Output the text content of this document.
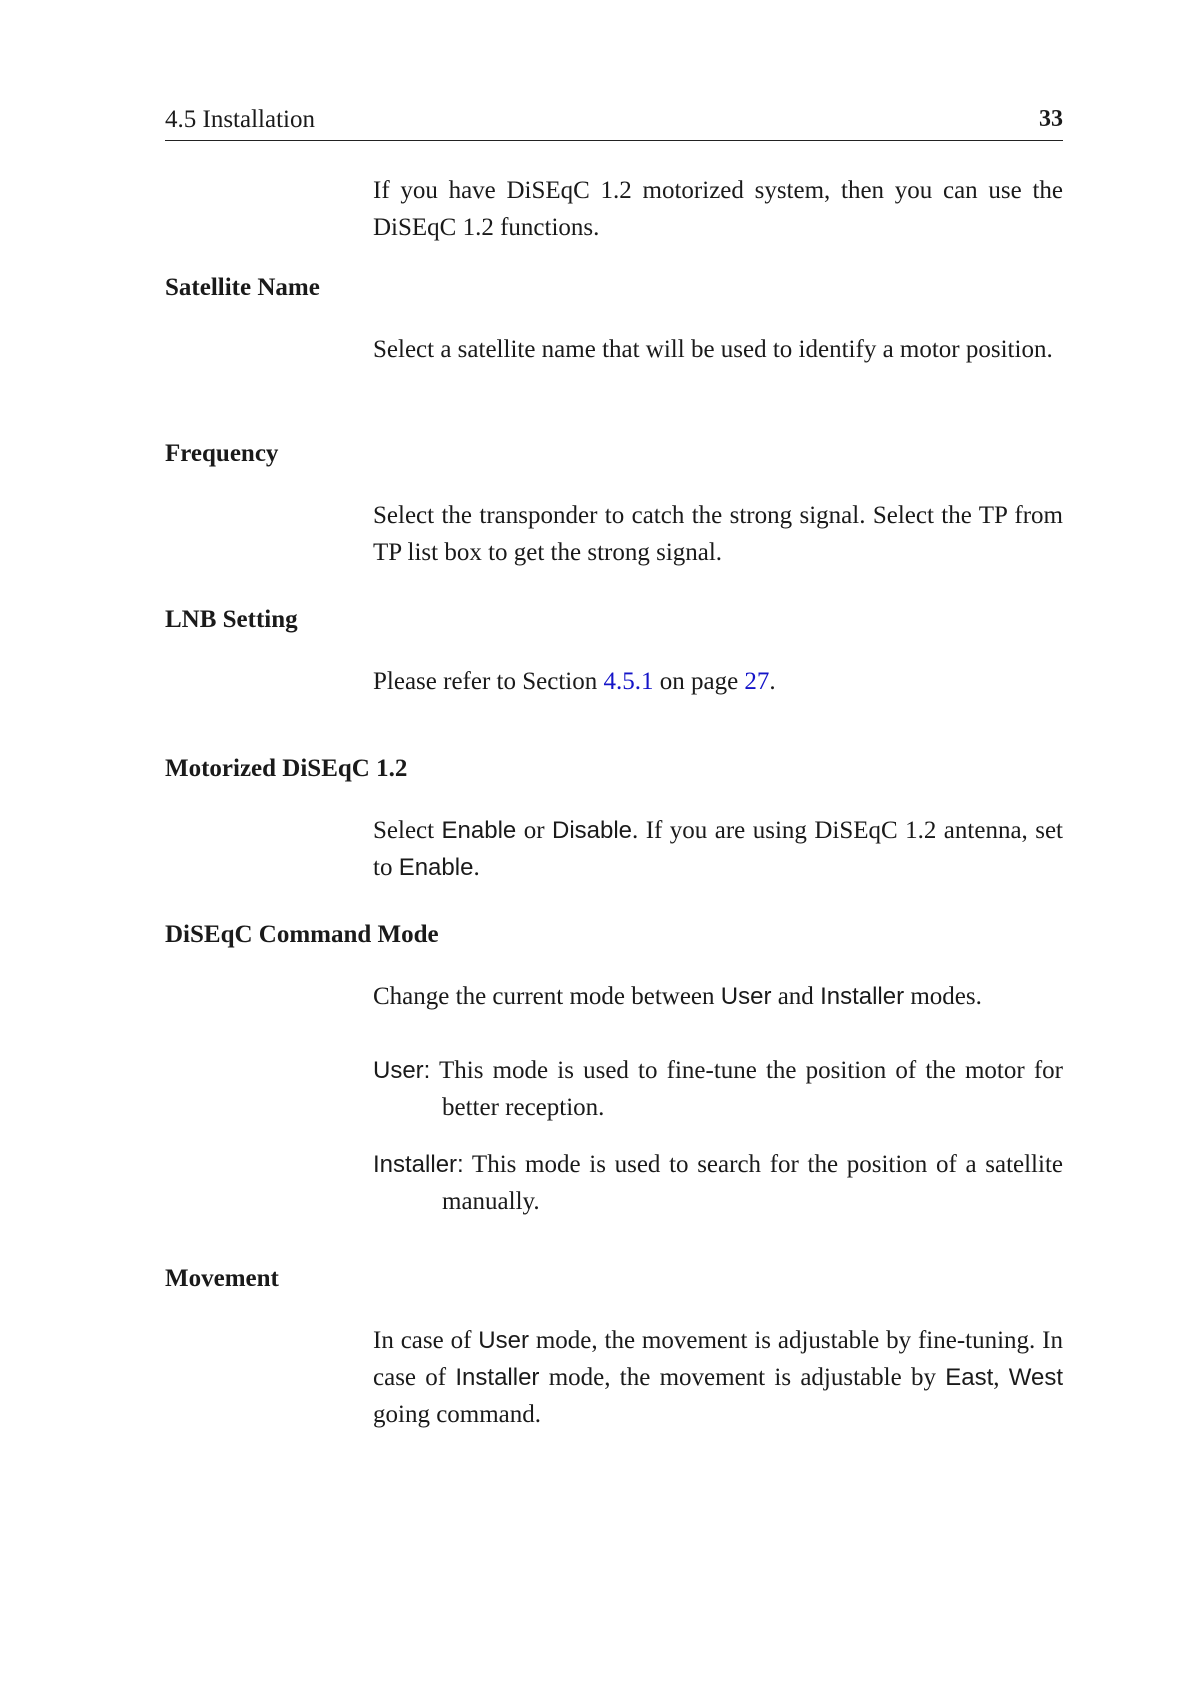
4.5 Installation	33
If you have DiSEqC 1.2 motorized system, then you can use the DiSEqC 1.2 functions.
Satellite Name
Select a satellite name that will be used to identify a motor position.
Frequency
Select the transponder to catch the strong signal. Select the TP from TP list box to get the strong signal.
LNB Setting
Please refer to Section 4.5.1 on page 27.
Motorized DiSEqC 1.2
Select Enable or Disable. If you are using DiSEqC 1.2 antenna, set to Enable.
DiSEqC Command Mode
Change the current mode between User and Installer modes.
User: This mode is used to fine-tune the position of the motor for better reception.
Installer: This mode is used to search for the position of a satellite manually.
Movement
In case of User mode, the movement is adjustable by fine-tuning. In case of Installer mode, the movement is adjustable by East, West going command.
